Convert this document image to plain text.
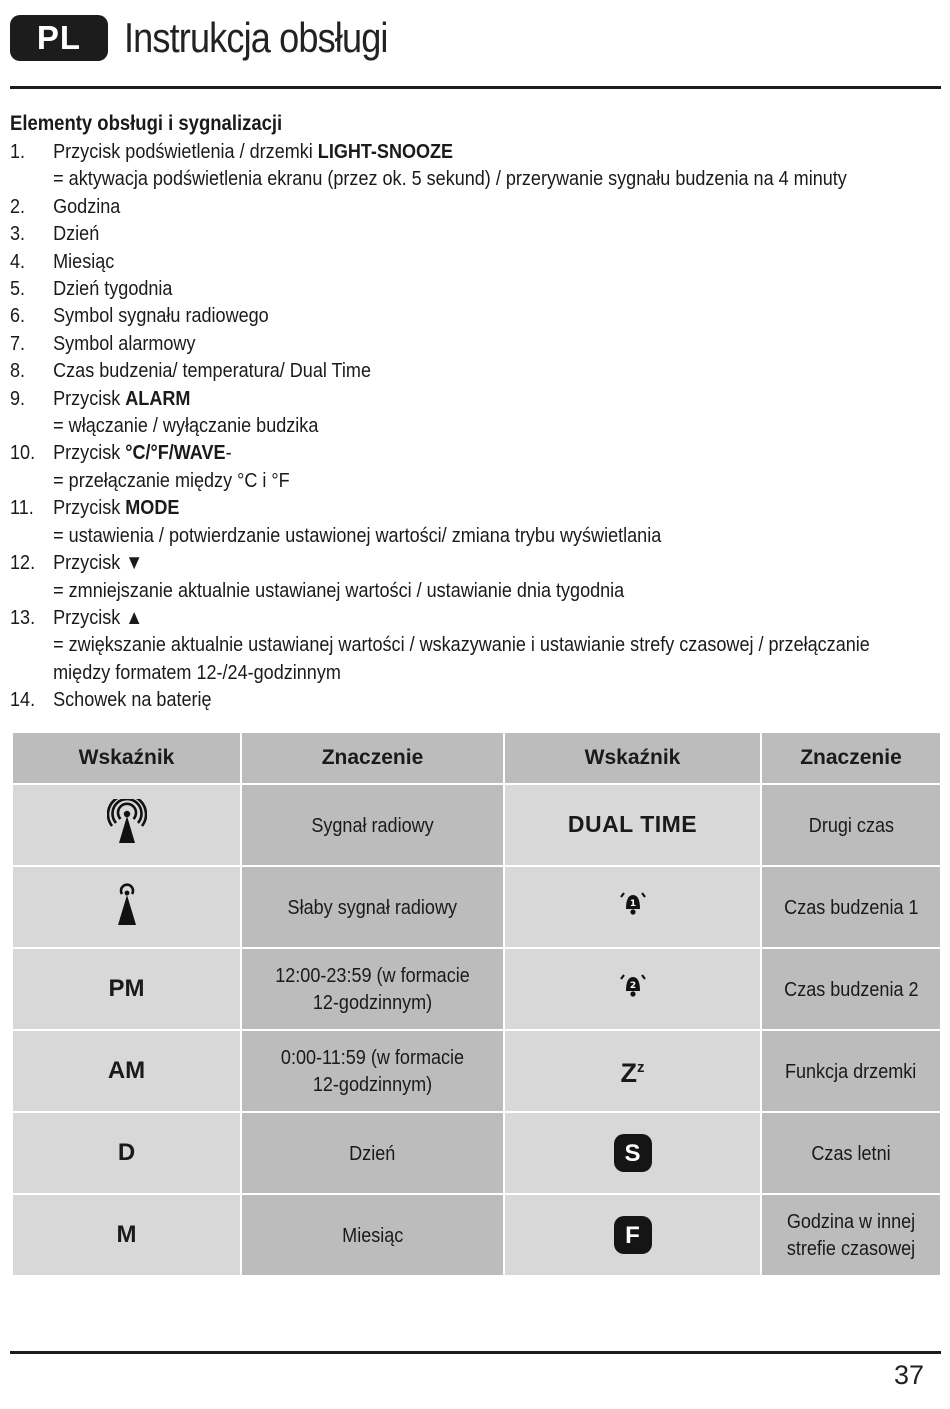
PL	Instrukcja obsługi
Elementy obsługi i sygnalizacji
1. Przycisk podświetlenia / drzemki LIGHT-SNOOZE
= aktywacja podświetlenia ekranu (przez ok. 5 sekund) / przerywanie sygnału budzenia na 4 minuty
2. Godzina
3. Dzień
4. Miesiąc
5. Dzień tygodnia
6. Symbol sygnału radiowego
7. Symbol alarmowy
8. Czas budzenia/ temperatura/ Dual Time
9. Przycisk ALARM
= włączanie / wyłączanie budzika
10. Przycisk °C/°F/WAVE-
= przełączanie między °C i °F
11. Przycisk MODE
= ustawienia / potwierdzanie ustawionej wartości/ zmiana trybu wyświetlania
12. Przycisk ▼
= zmniejszanie aktualnie ustawianej wartości / ustawianie dnia tygodnia
13. Przycisk ▲
= zwiększanie aktualnie ustawianej wartości / wskazywanie i ustawianie strefy czasowej / przełączanie
między formatem 12-/24-godzinnym
14. Schowek na baterię
Wskaźnik	Znaczenie	Wskaźnik	Znaczenie
	Sygnał radiowy	DUAL TIME	Drugi czas
	Słaby sygnał radiowy	1	Czas budzenia 1
PM	12:00-23:59 (w formacie 12-godzinnym)	2	Czas budzenia 2
AM	0:00-11:59 (w formacie 12-godzinnym)	$Z^z$	Funkcja drzemki
D	Dzień	S	Czas letni
M	Miesiąc	F	Godzina w innej strefie czasowej
37
